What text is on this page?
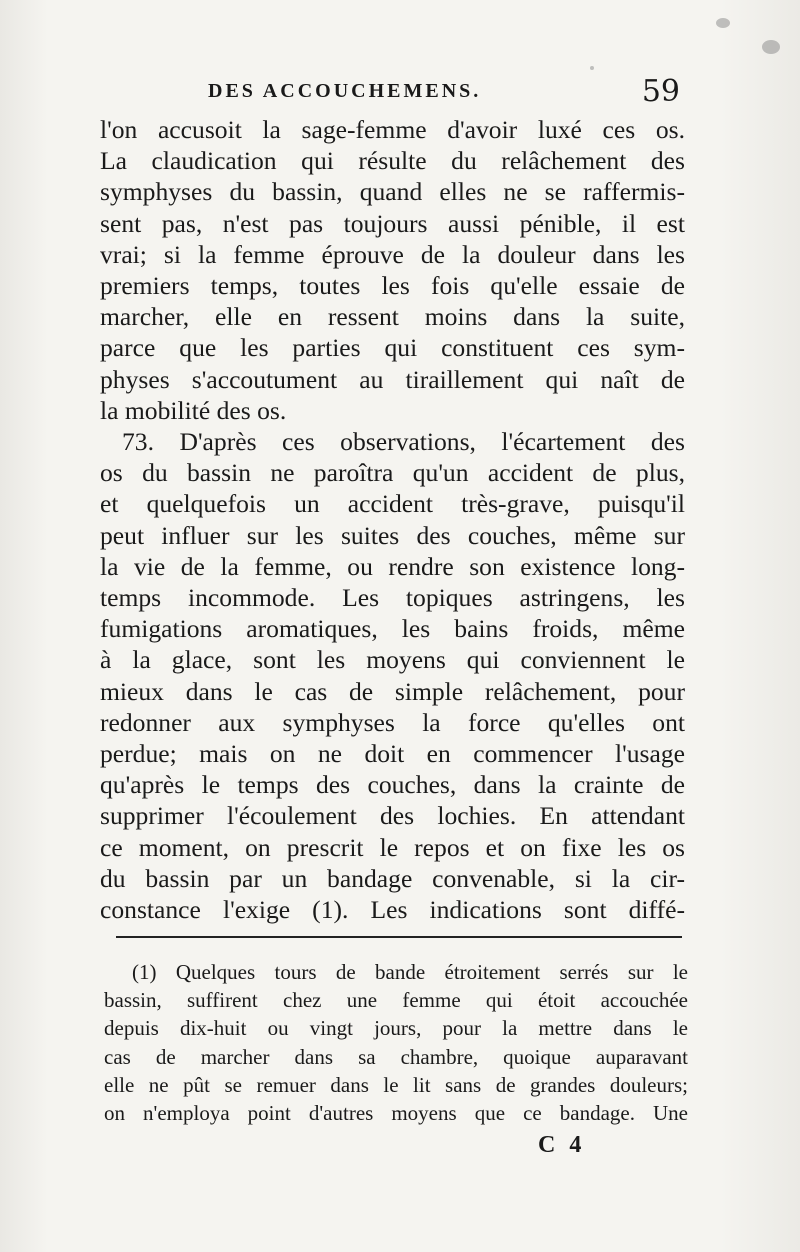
DES ACCOUCHEMENS.	59

l'on accusoit la sage-femme d'avoir luxé ces os.

La claudication qui résulte du relâchement des

symphyses du bassin, quand elles ne se raffermis-

sent pas, n'est pas toujours aussi pénible, il est

vrai; si la femme éprouve de la douleur dans les

premiers temps, toutes les fois qu'elle essaie de

marcher, elle en ressent moins dans la suite,

parce que les parties qui constituent ces sym-

physes s'accoutument au tiraillement qui naît de

la mobilité des os.

73. D'après ces observations, l'écartement des

os du bassin ne paroîtra qu'un accident de plus,

et quelquefois un accident très-grave, puisqu'il

peut influer sur les suites des couches, même sur

la vie de la femme, ou rendre son existence long-

temps incommode. Les topiques astringens, les

fumigations aromatiques, les bains froids, même

à la glace, sont les moyens qui conviennent le

mieux dans le cas de simple relâchement, pour

redonner aux symphyses la force qu'elles ont

perdue; mais on ne doit en commencer l'usage

qu'après le temps des couches, dans la crainte de

supprimer l'écoulement des lochies. En attendant

ce moment, on prescrit le repos et on fixe les os

du bassin par un bandage convenable, si la cir-

constance l'exige (1). Les indications sont diffé-

(1) Quelques tours de bande étroitement serrés sur le

bassin, suffirent chez une femme qui étoit accouchée

depuis dix-huit ou vingt jours, pour la mettre dans le

cas de marcher dans sa chambre, quoique auparavant

elle ne pût se remuer dans le lit sans de grandes douleurs;

on n'employa point d'autres moyens que ce bandage. Une

C 4
